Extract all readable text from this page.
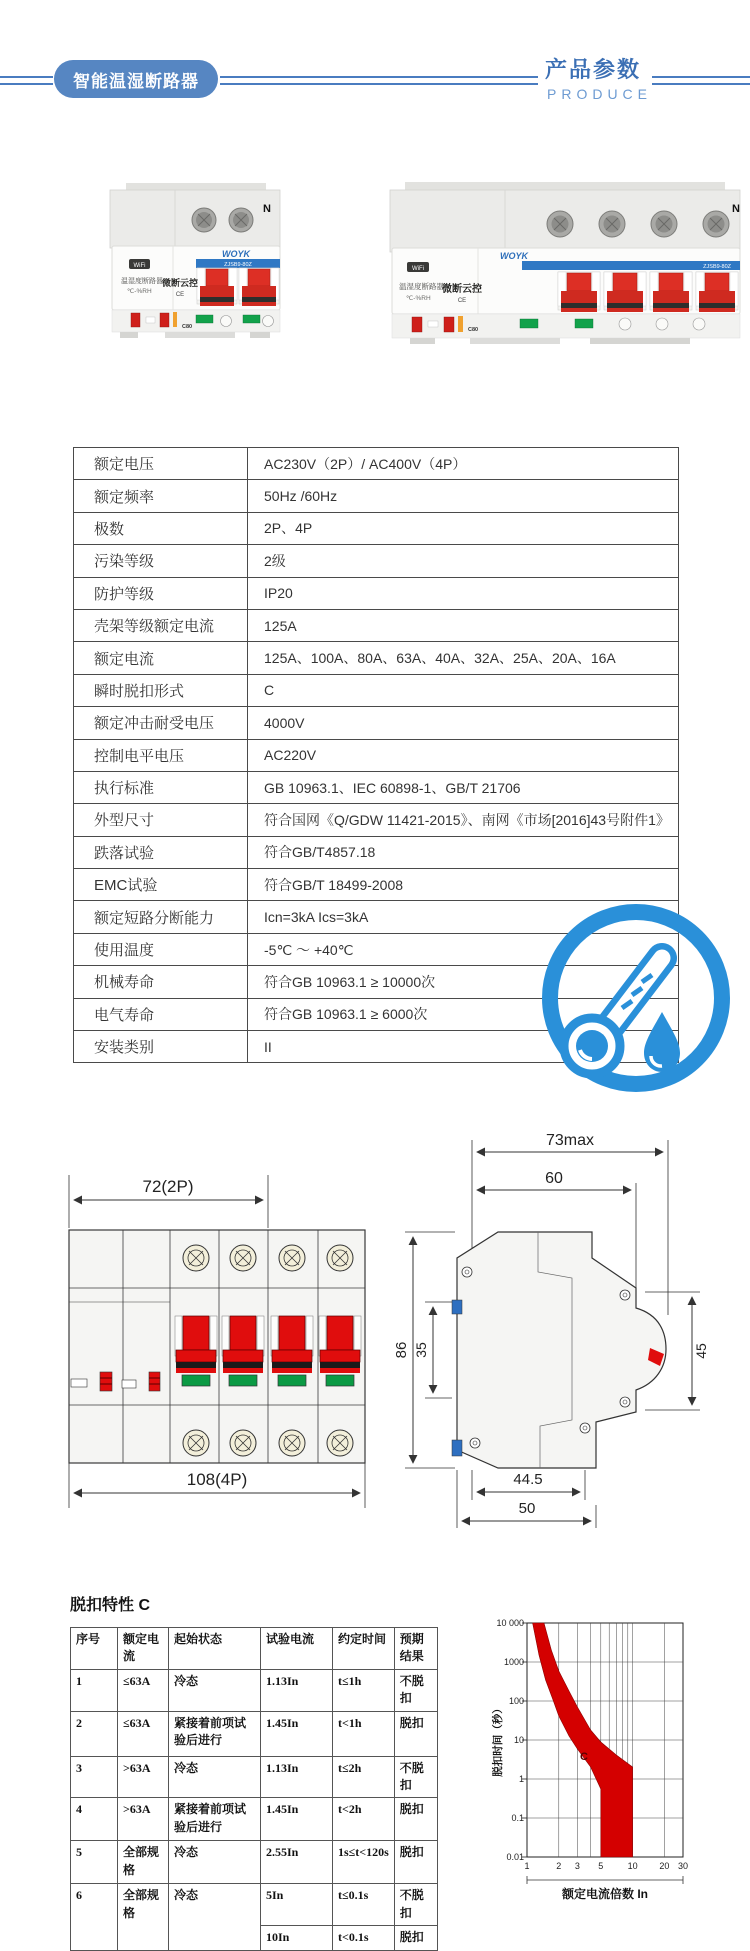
智能温湿断路器	产品参数
PRODUCE
N
WOYK
ZJSB9-80Z
WiFi
温湿度断路器
℃-%RH
微断云控
CE
C80
N
WOYK
ZJSB9-80Z
WiFi
温湿度断路器
℃-%RH
微断云控
CE
C80
额定电压	AC230V（2P）/ AC400V（4P）
额定频率	50Hz /60Hz
极数	2P、4P
污染等级	2级
防护等级	IP20
壳架等级额定电流	125A
额定电流	125A、100A、80A、63A、40A、32A、25A、20A、16A
瞬时脱扣形式	C
额定冲击耐受电压	4000V
控制电平电压	AC220V
执行标准	GB 10963.1、IEC 60898-1、GB/T 21706
外型尺寸	符合国网《Q/GDW 11421-2015》、南网《市场[2016]43号附件1》
跌落试验	符合GB/T4857.18
EMC试验	符合GB/T 18499-2008
额定短路分断能力	Icn=3kA Ics=3kA
使用温度	-5℃ ～ +40℃
机械寿命	符合GB 10963.1 ≥ 10000次
电气寿命	符合GB 10963.1 ≥ 6000次
安装类别	II
72(2P)
108(4P)
73max
60
86 35	45
44.5
50
脱扣特性 C
序号	额定电流	起始状态	试验电流	约定时间	预期结果
1	≤63A	冷态	1.13In	t≤1h	不脱扣
2	≤63A	紧接着前项试验后进行	1.45In	t<1h	脱扣
3	>63A	冷态	1.13In	t≤2h	不脱扣
4	>63A	紧接着前项试验后进行	1.45In	t<2h	脱扣
5	全部规格	冷态	2.55In	1s≤t<120s	脱扣
6	全部规格	冷态	5In	t≤0.1s	不脱扣
			10In	t<0.1s	脱扣
C
10 000
1000
100
10
1
0.1
0.01
1	2 3 5	10 20 30
额定电流倍数 In
脱扣时间（秒）
